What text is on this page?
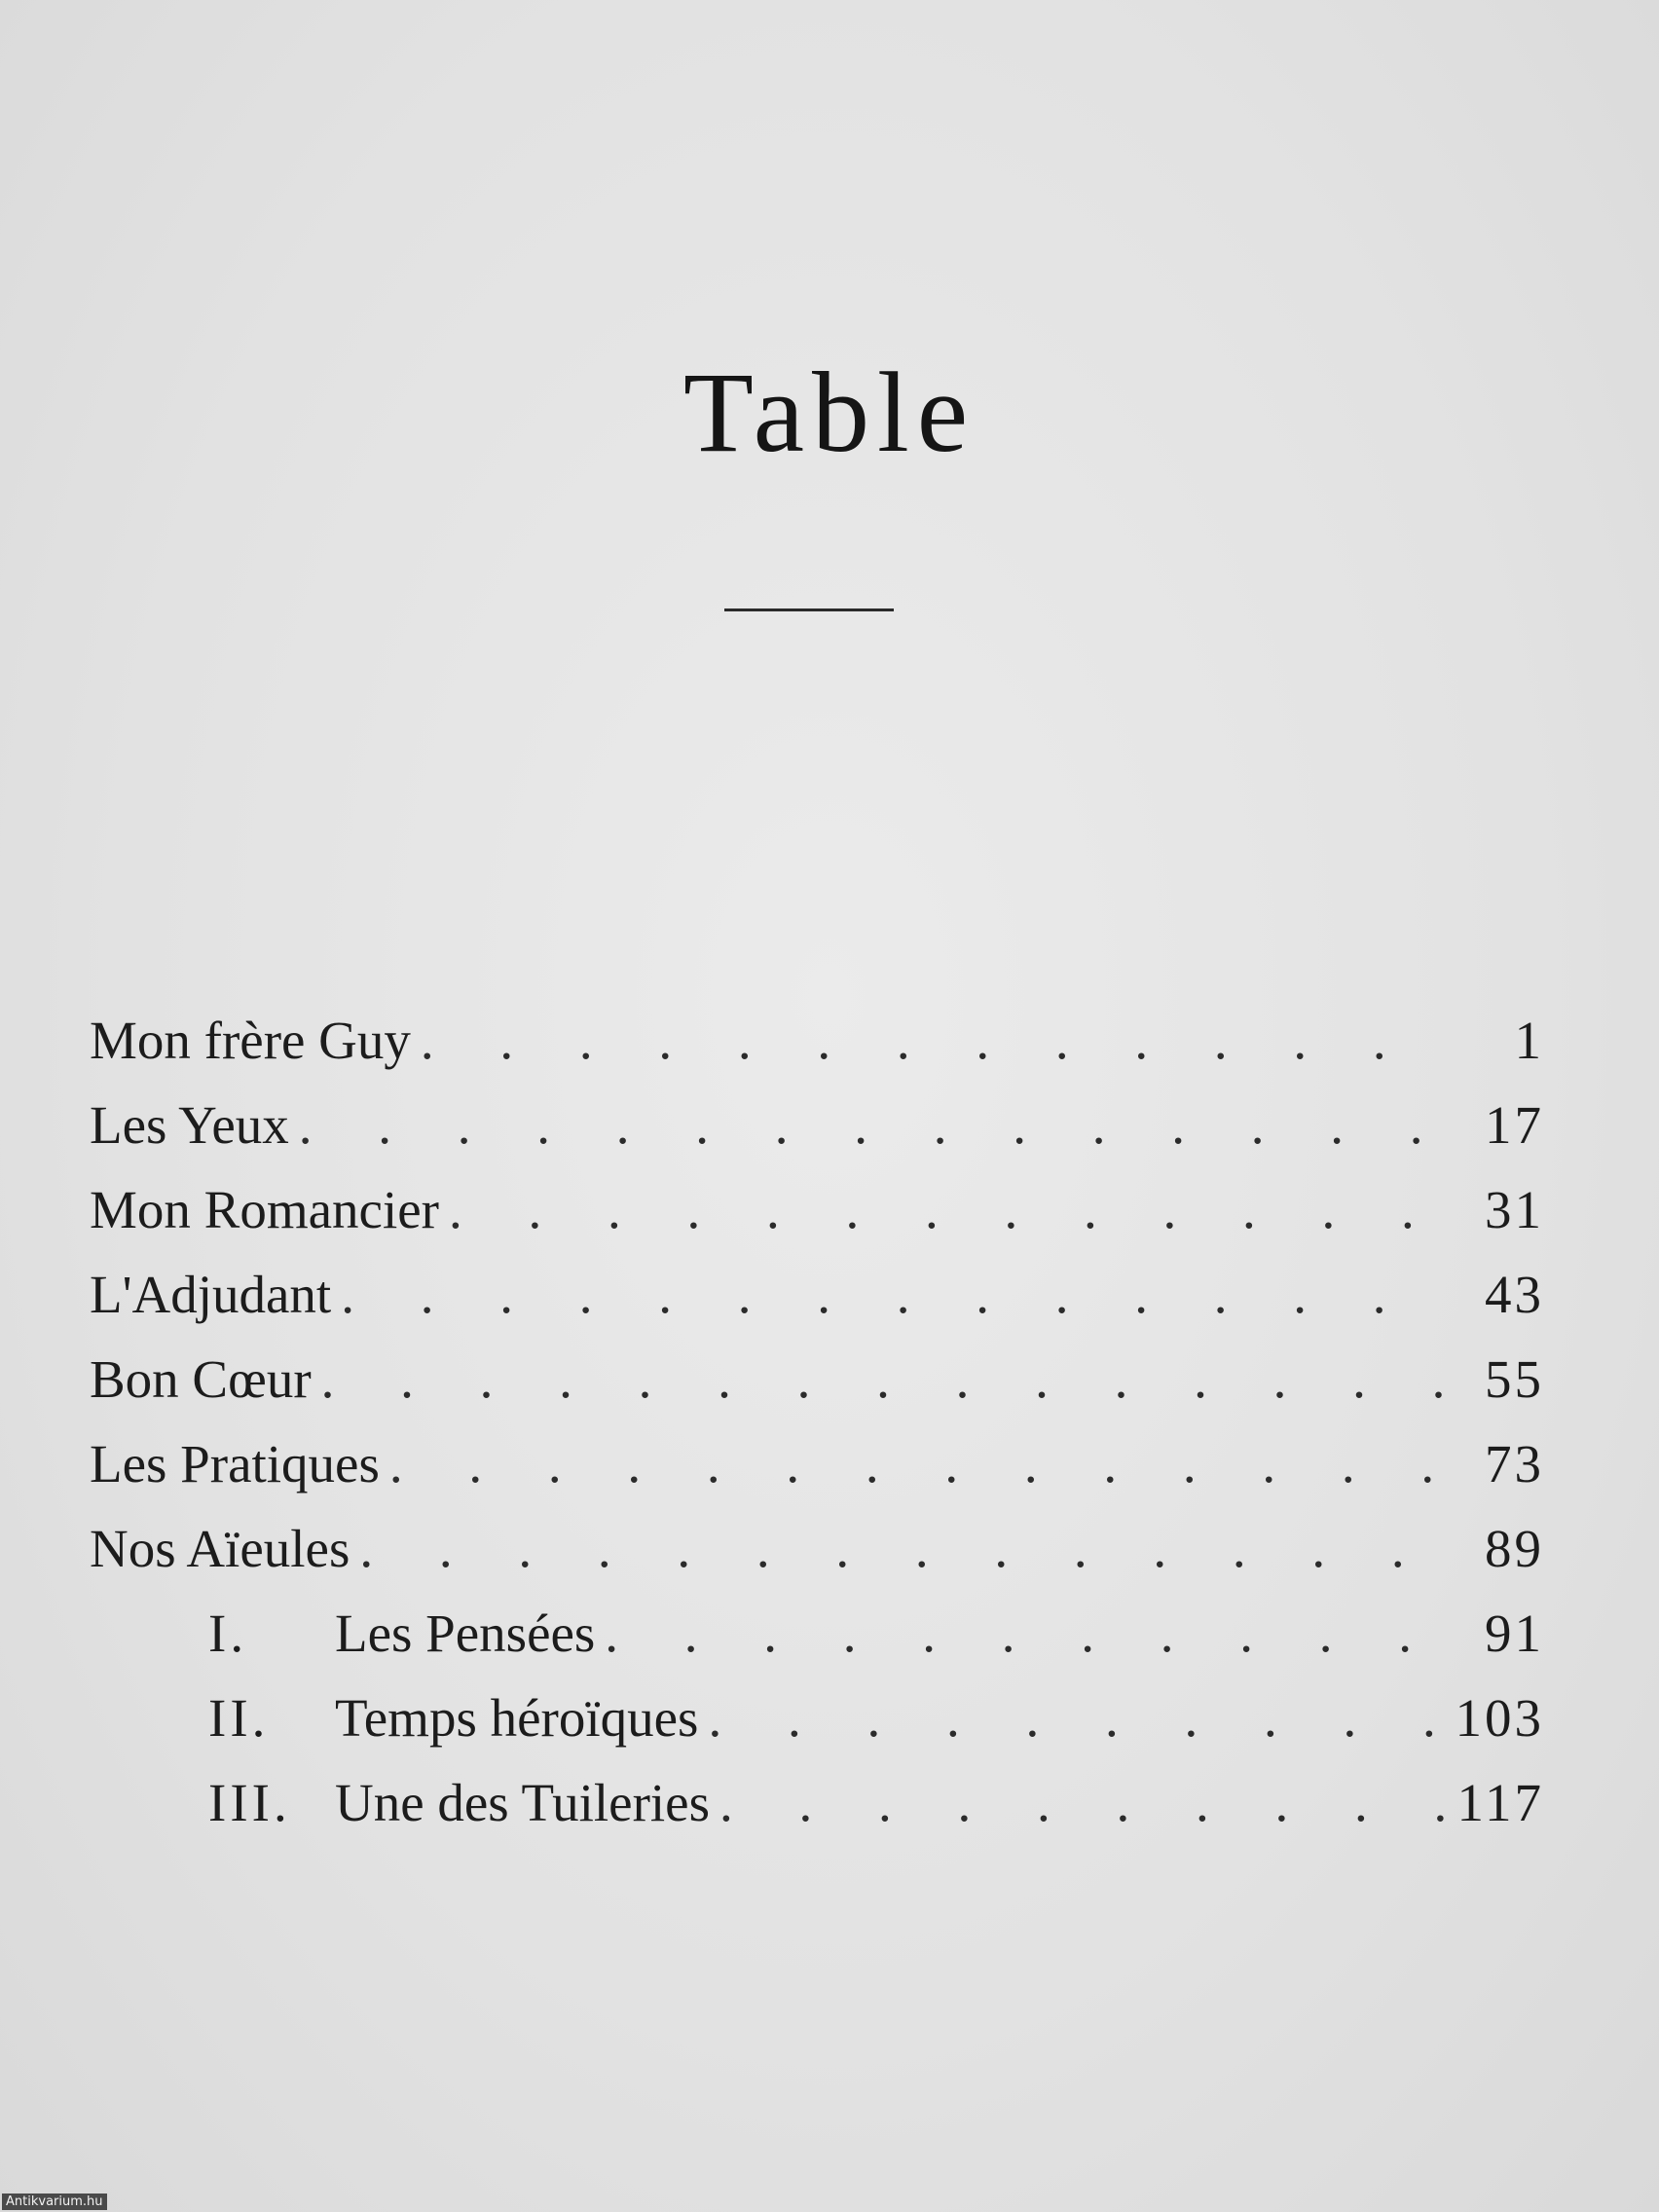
Table
Mon frère Guy . . .	1
Les Yeux . . .	17
Mon Romancier . . .	31
L'Adjudant . . .	43
Bon Cœur . . .	55
Les Pratiques . . .	73
Nos Aïeules . . .	89
I.	Les Pensées . . .	91
II.	Temps héroïques . . .	103
III. Une des Tuileries . . .	117
Antikvarium.hu
